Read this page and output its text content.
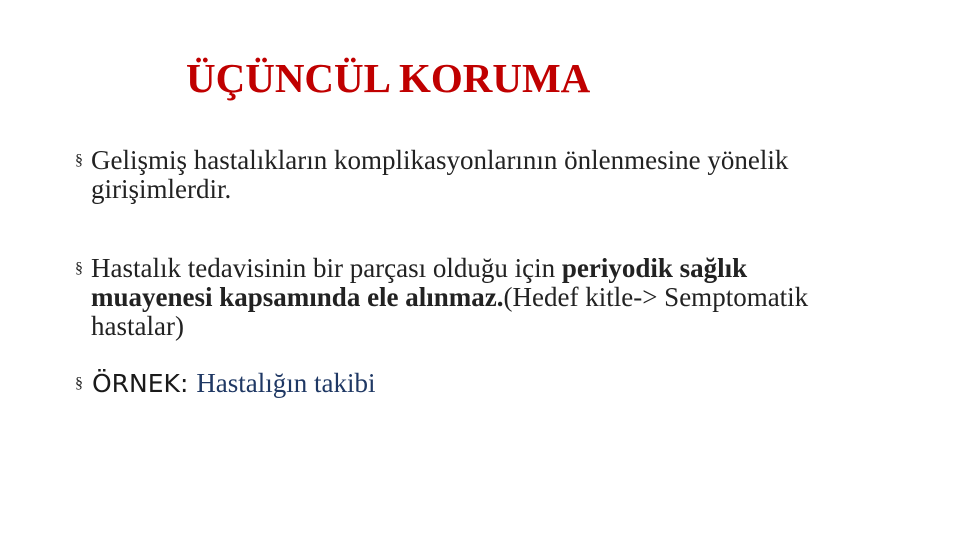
ÜÇÜNCÜL KORUMA
§ Gelişmiş hastalıkların komplikasyonlarının önlenmesine yönelik girişimlerdir.
§ Hastalık tedavisinin bir parçası olduğu için periyodik sağlık muayenesi kapsamında ele alınmaz.(Hedef kitle-> Semptomatik hastalar)
§ ÖRNEK: Hastalığın takibi
